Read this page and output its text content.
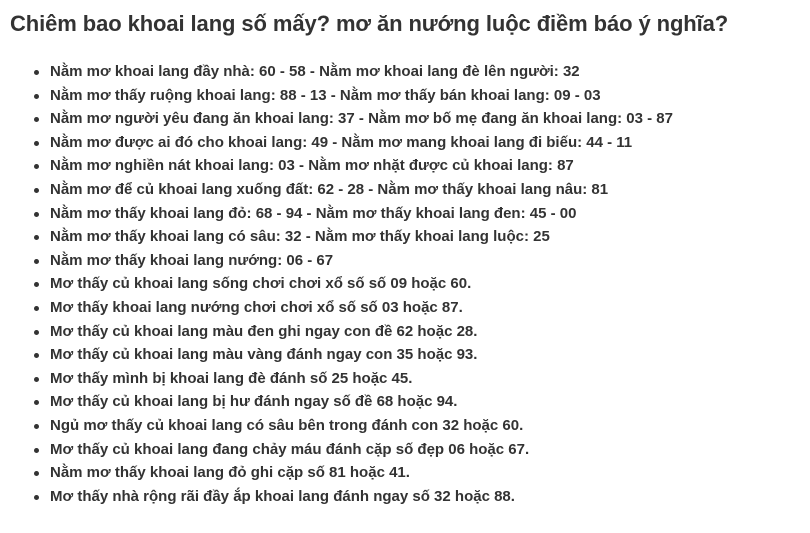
Chiêm bao khoai lang số mấy? mơ ăn nướng luộc điềm báo ý nghĩa?
Nằm mơ khoai lang đầy nhà: 60 - 58 - Nằm mơ khoai lang đè lên người: 32
Nằm mơ thấy ruộng khoai lang: 88 - 13 - Nằm mơ thấy bán khoai lang: 09 - 03
Nằm mơ người yêu đang ăn khoai lang: 37 - Nằm mơ bố mẹ đang ăn khoai lang: 03 - 87
Nằm mơ được ai đó cho khoai lang: 49 - Nằm mơ mang khoai lang đi biếu: 44 - 11
Nằm mơ nghiền nát khoai lang: 03 - Nằm mơ nhặt được củ khoai lang: 87
Nằm mơ để củ khoai lang xuống đất: 62 - 28 - Nằm mơ thấy khoai lang nâu: 81
Nằm mơ thấy khoai lang đỏ: 68 - 94 - Nằm mơ thấy khoai lang đen: 45 - 00
Nằm mơ thấy khoai lang có sâu: 32 - Nằm mơ thấy khoai lang luộc: 25
Nằm mơ thấy khoai lang nướng: 06 - 67
Mơ thấy củ khoai lang sống chơi chơi xổ số số 09 hoặc 60.
Mơ thấy khoai lang nướng chơi chơi xổ số số 03 hoặc 87.
Mơ thấy củ khoai lang màu đen ghi ngay con đề 62 hoặc 28.
Mơ thấy củ khoai lang màu vàng đánh ngay con 35 hoặc 93.
Mơ thấy mình bị khoai lang đè đánh số 25 hoặc 45.
Mơ thấy củ khoai lang bị hư đánh ngay số đề 68 hoặc 94.
Ngủ mơ thấy củ khoai lang có sâu bên trong đánh con 32 hoặc 60.
Mơ thấy củ khoai lang đang chảy máu đánh cặp số đẹp 06 hoặc 67.
Nằm mơ thấy khoai lang đỏ ghi cặp số 81 hoặc 41.
Mơ thấy nhà rộng rãi đầy ắp khoai lang đánh ngay số 32 hoặc 88.
